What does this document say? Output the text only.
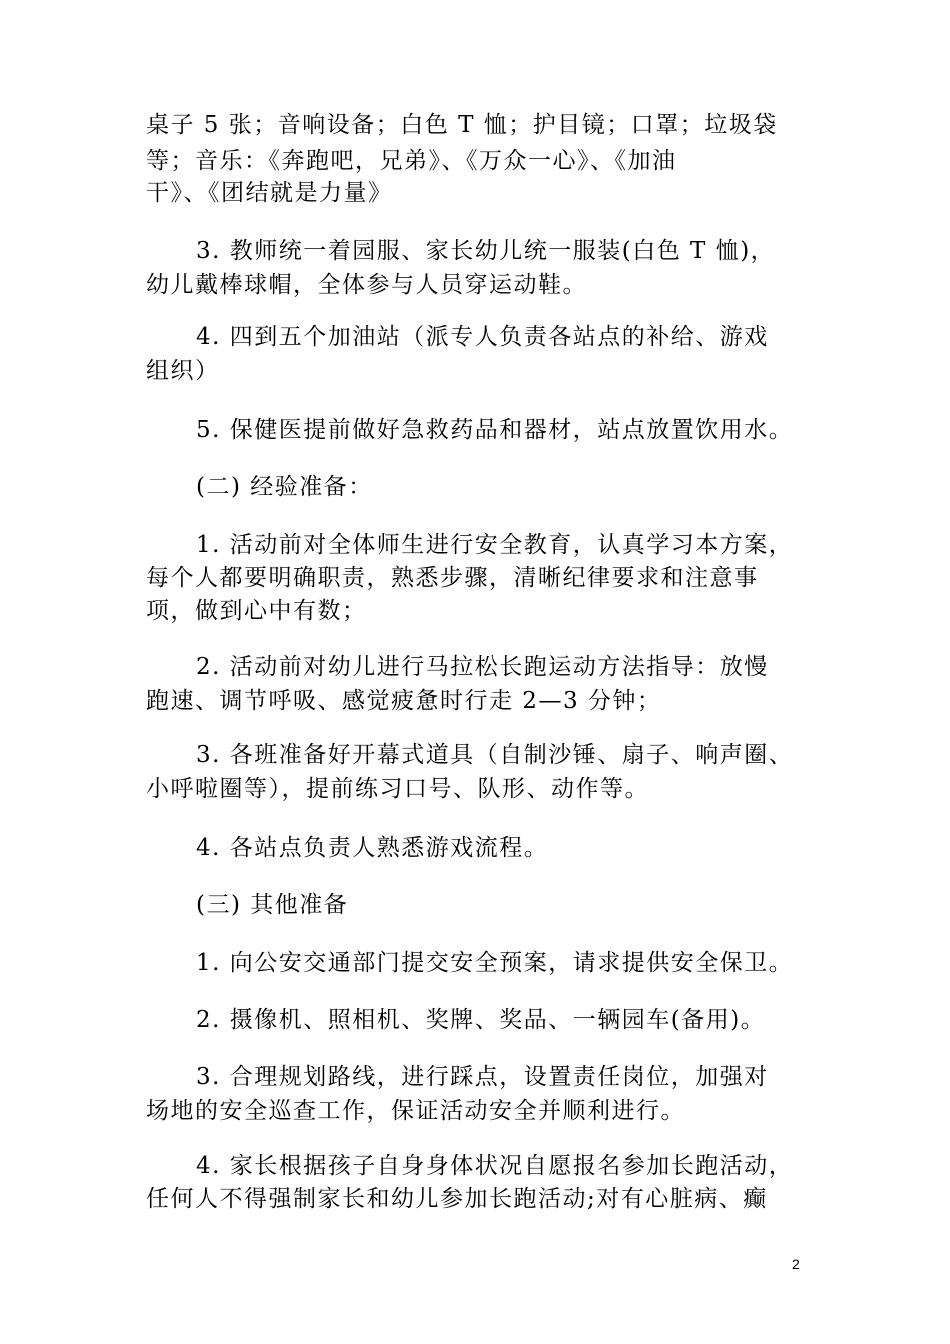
桌子 5 张；音响设备；白色 T 恤；护目镜；口罩；垃圾袋
等；音乐：《奔跑吧，兄弟》、《万众一心》、《加油
干》、《团结就是力量》
3. 教师统一着园服、家长幼儿统一服装(白色 T 恤)，
幼儿戴棒球帽，全体参与人员穿运动鞋。
4. 四到五个加油站（派专人负责各站点的补给、游戏
组织）
5. 保健医提前做好急救药品和器材，站点放置饮用水。
(二) 经验准备：
1. 活动前对全体师生进行安全教育，认真学习本方案，
每个人都要明确职责，熟悉步骤，清晰纪律要求和注意事
项，做到心中有数；
2. 活动前对幼儿进行马拉松长跑运动方法指导：放慢
跑速、调节呼吸、感觉疲惫时行走 2—3 分钟；
3. 各班准备好开幕式道具（自制沙锤、扇子、响声圈、
小呼啦圈等），提前练习口号、队形、动作等。
4. 各站点负责人熟悉游戏流程。
(三) 其他准备
1. 向公安交通部门提交安全预案，请求提供安全保卫。
2. 摄像机、照相机、奖牌、奖品、一辆园车(备用)。
3. 合理规划路线，进行踩点，设置责任岗位，加强对
场地的安全巡查工作，保证活动安全并顺利进行。
4. 家长根据孩子自身身体状况自愿报名参加长跑活动，
任何人不得强制家长和幼儿参加长跑活动;对有心脏病、癫
2
